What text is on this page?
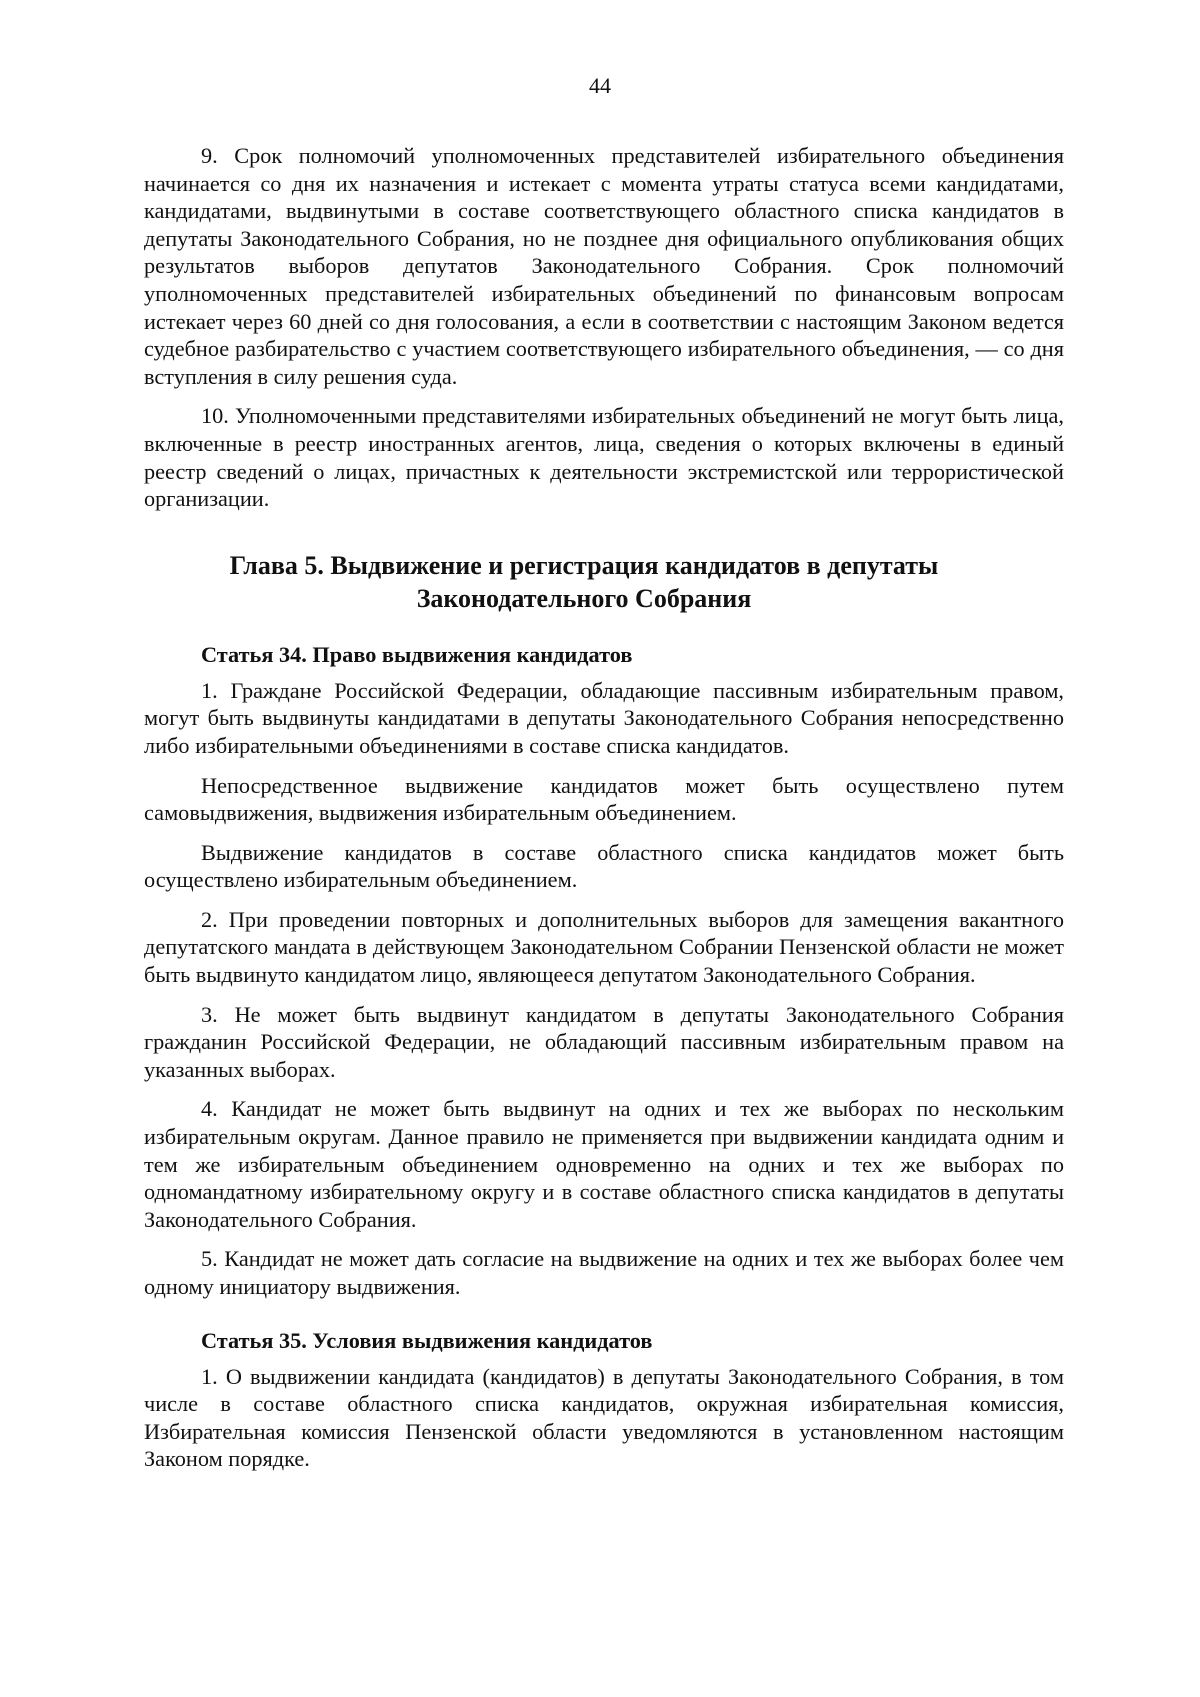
44

9. Срок полномочий уполномоченных представителей избирательного объединения начинается со дня их назначения и истекает с момента утраты статуса всеми кандидатами, кандидатами, выдвинутыми в составе соответствующего областного списка кандидатов в депутаты Законодательного Собрания, но не позднее дня официального опубликования общих результатов выборов депутатов Законодательного Собрания. Срок полномочий уполномоченных представителей избирательных объединений по финансовым вопросам истекает через 60 дней со дня голосования, а если в соответствии с настоящим Законом ведется судебное разбирательство с участием соответствующего избирательного объединения, — со дня вступления в силу решения суда.

10. Уполномоченными представителями избирательных объединений не могут быть лица, включенные в реестр иностранных агентов, лица, сведения о которых включены в единый реестр сведений о лицах, причастных к деятельности экстремистской или террористической организации.

Глава 5. Выдвижение и регистрация кандидатов в депутаты
Законодательного Собрания
Статья 34. Право выдвижения кандидатов

1. Граждане Российской Федерации, обладающие пассивным избирательным правом, могут быть выдвинуты кандидатами в депутаты Законодательного Собрания непосредственно либо избирательными объединениями в составе списка кандидатов.

Непосредственное выдвижение кандидатов может быть осуществлено путем самовыдвижения, выдвижения избирательным объединением.

Выдвижение кандидатов в составе областного списка кандидатов может быть осуществлено избирательным объединением.

2. При проведении повторных и дополнительных выборов для замещения вакантного депутатского мандата в действующем Законодательном Собрании Пензенской области не может быть выдвинуто кандидатом лицо, являющееся депутатом Законодательного Собрания.

3. Не может быть выдвинут кандидатом в депутаты Законодательного Собрания гражданин Российской Федерации, не обладающий пассивным избирательным правом на указанных выборах.

4. Кандидат не может быть выдвинут на одних и тех же выборах по нескольким избирательным округам. Данное правило не применяется при выдвижении кандидата одним и тем же избирательным объединением одновременно на одних и тех же выборах по одномандатному избирательному округу и в составе областного списка кандидатов в депутаты Законодательного Собрания.

5. Кандидат не может дать согласие на выдвижение на одних и тех же выборах более чем одному инициатору выдвижения.

Статья 35. Условия выдвижения кандидатов

1. О выдвижении кандидата (кандидатов) в депутаты Законодательного Собрания, в том числе в составе областного списка кандидатов, окружная избирательная комиссия, Избирательная комиссия Пензенской области уведомляются в установленном настоящим Законом порядке.
